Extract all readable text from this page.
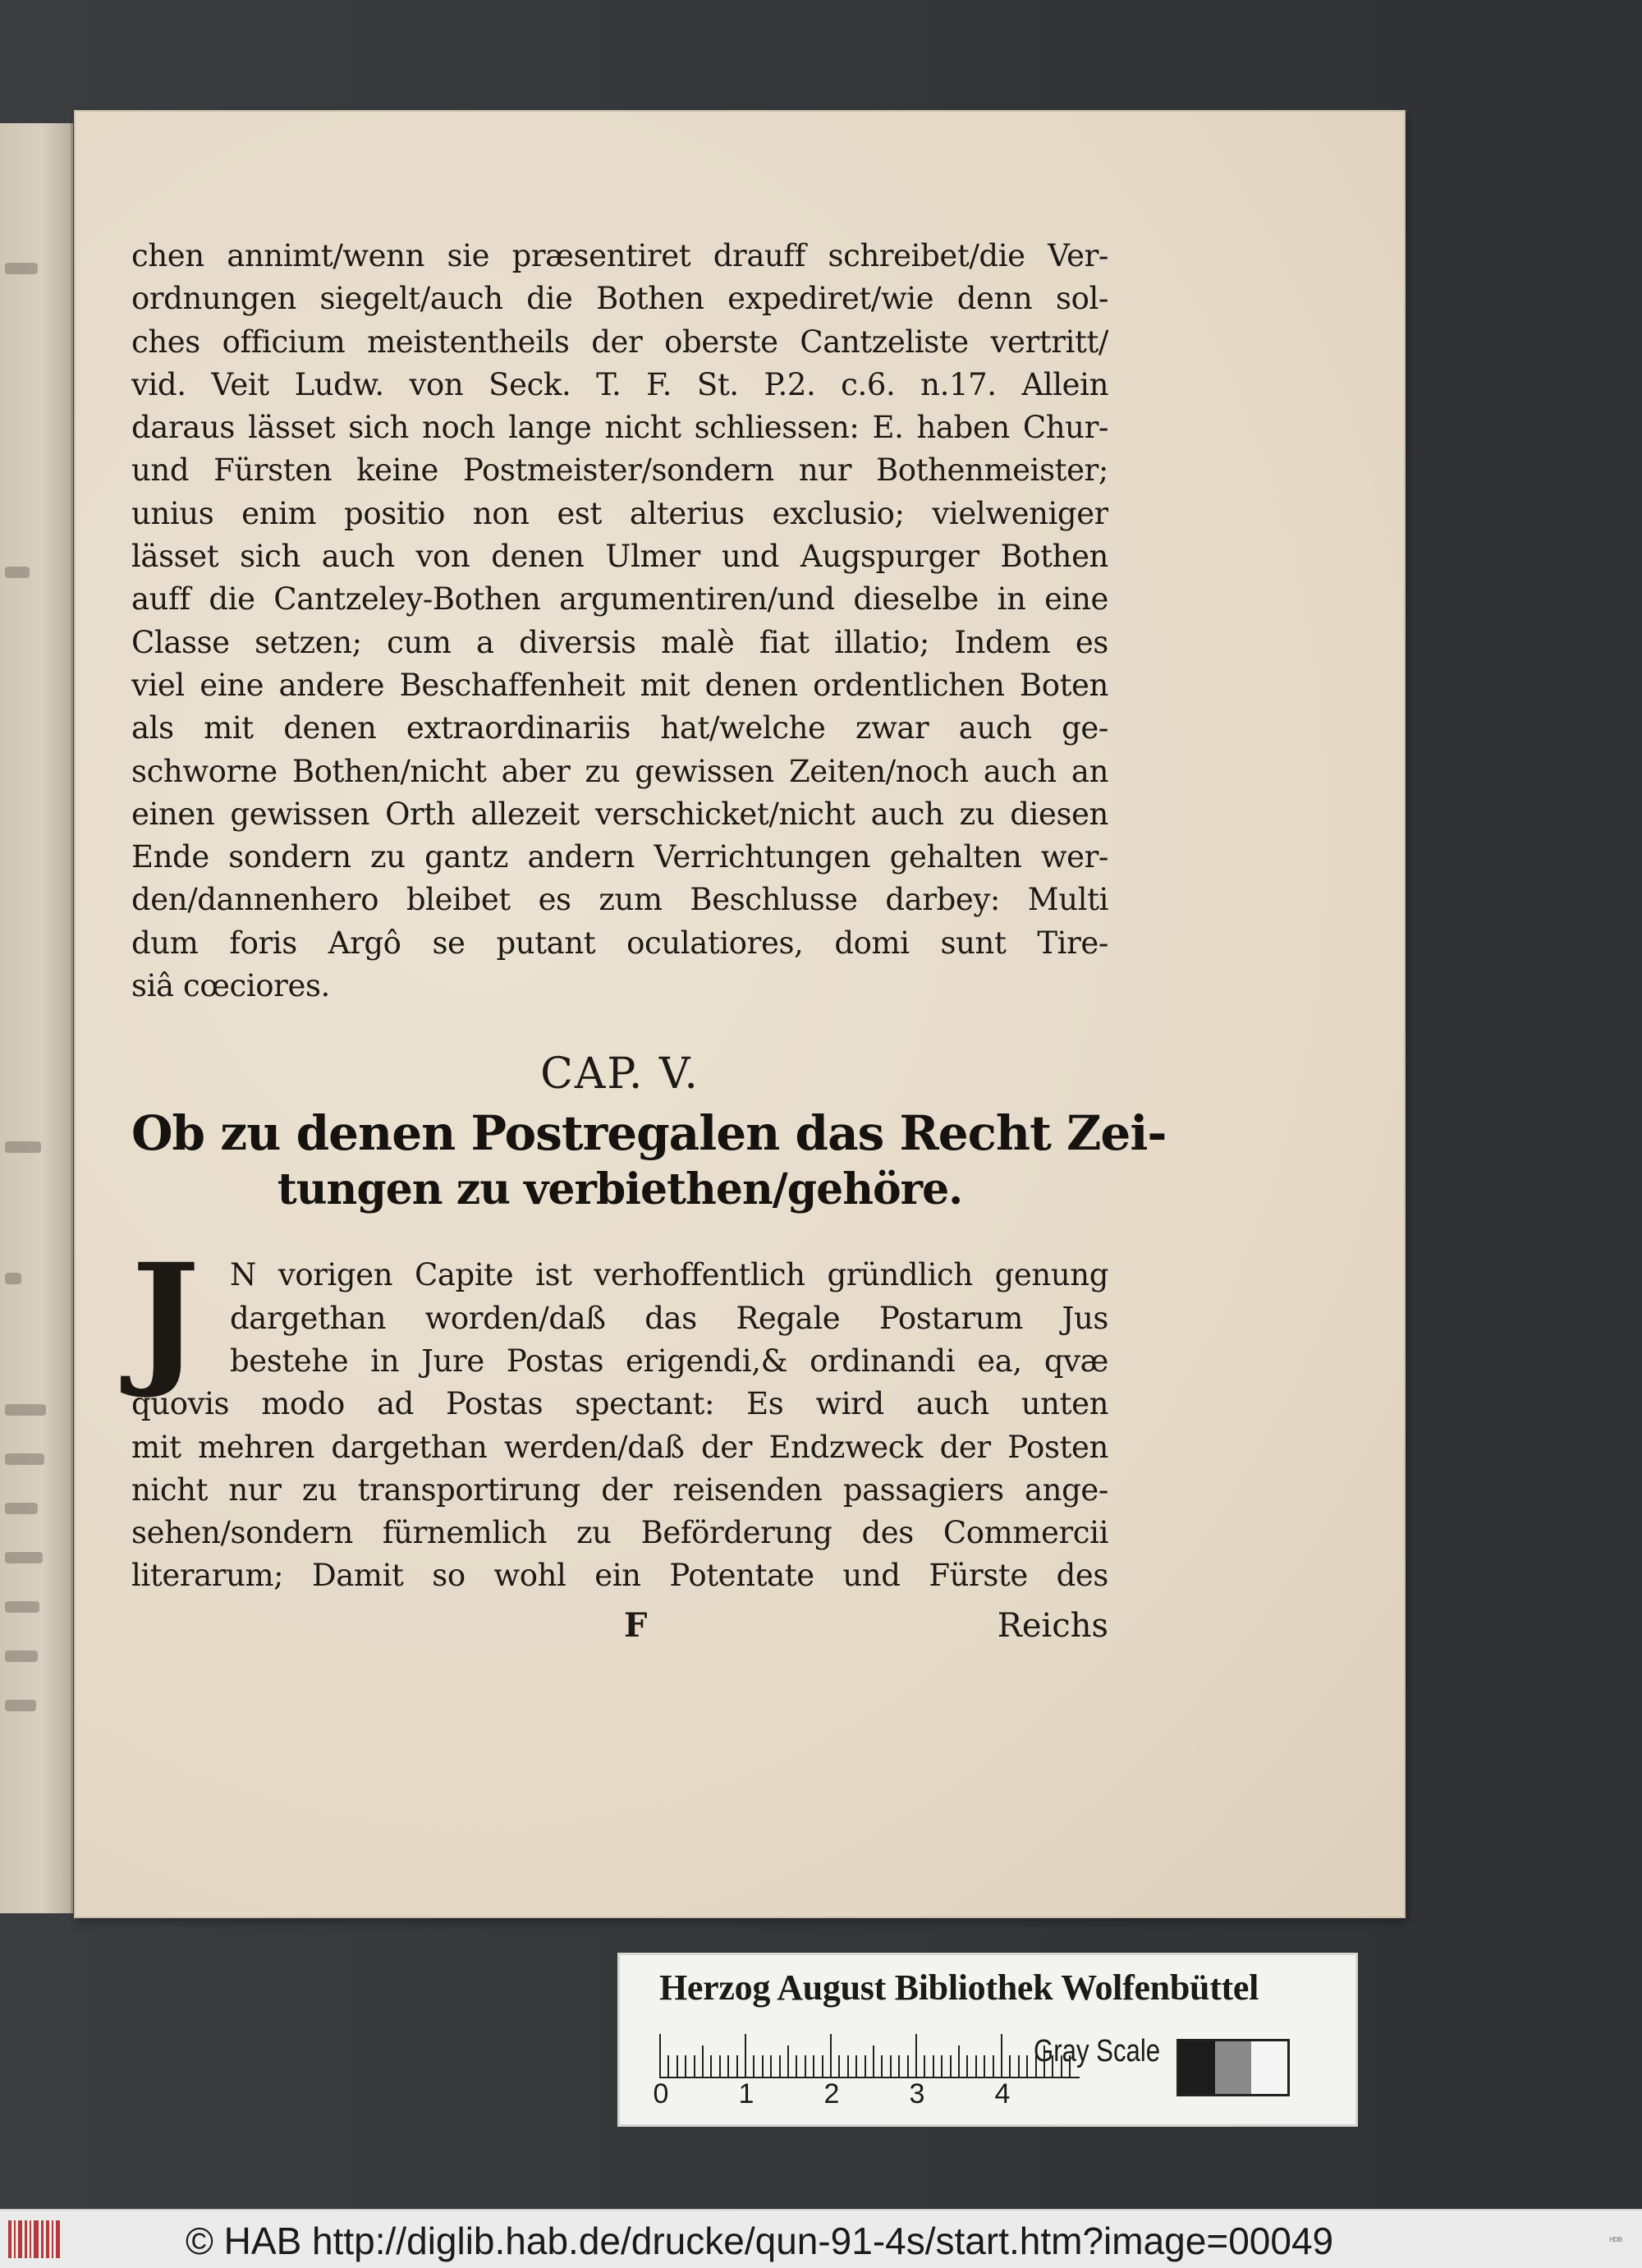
chen annimt/wenn sie præsentiret drauff schreibet/die Ver-
ordnungen siegelt/auch die Bothen expediret/wie denn sol-
ches officium meistentheils der oberste Cantzeliste vertritt/
vid. Veit Ludw. von Seck. T. F. St. P.2. c.6. n.17. Allein
daraus lässet sich noch lange nicht schliessen: E. haben Chur-
und Fürsten keine Postmeister/sondern nur Bothenmeister;
unius enim positio non est alterius exclusio; vielweniger
lässet sich auch von denen Ulmer und Augspurger Bothen
auff die Cantzeley-Bothen argumentiren/und dieselbe in eine
Classe setzen; cum a diversis malè fiat illatio; Indem es
viel eine andere Beschaffenheit mit denen ordentlichen Boten
als mit denen extraordinariis hat/welche zwar auch ge-
schworne Bothen/nicht aber zu gewissen Zeiten/noch auch an
einen gewissen Orth allezeit verschicket/nicht auch zu diesen
Ende sondern zu gantz andern Verrichtungen gehalten wer-
den/dannenhero bleibet es zum Beschlusse darbey: Multi
dum foris Argô se putant oculatiores, domi sunt Tire-
siâ cœciores.
CAP. V.
Ob zu denen Postregalen das Recht Zei-
tungen zu verbiethen/gehöre.
J N vorigen Capite ist verhoffentlich gründlich genung
dargethan worden/daß das Regale Postarum Jus
bestehe in Jure Postas erigendi,& ordinandi ea, qvæ
quovis modo ad Postas spectant: Es wird auch unten
mit mehren dargethan werden/daß der Endzweck der Posten
nicht nur zu transportirung der reisenden passagiers ange-
sehen/sondern fürnemlich zu Beförderung des Commercii
literarum; Damit so wohl ein Potentate und Fürste des
F	Reichs
Herzog August Bibliothek Wolfenbüttel
0	1	2	3	4
Gray Scale
© HAB http://diglib.hab.de/drucke/qun-91-4s/start.htm?image=00049	ᴴᴰᴮ
